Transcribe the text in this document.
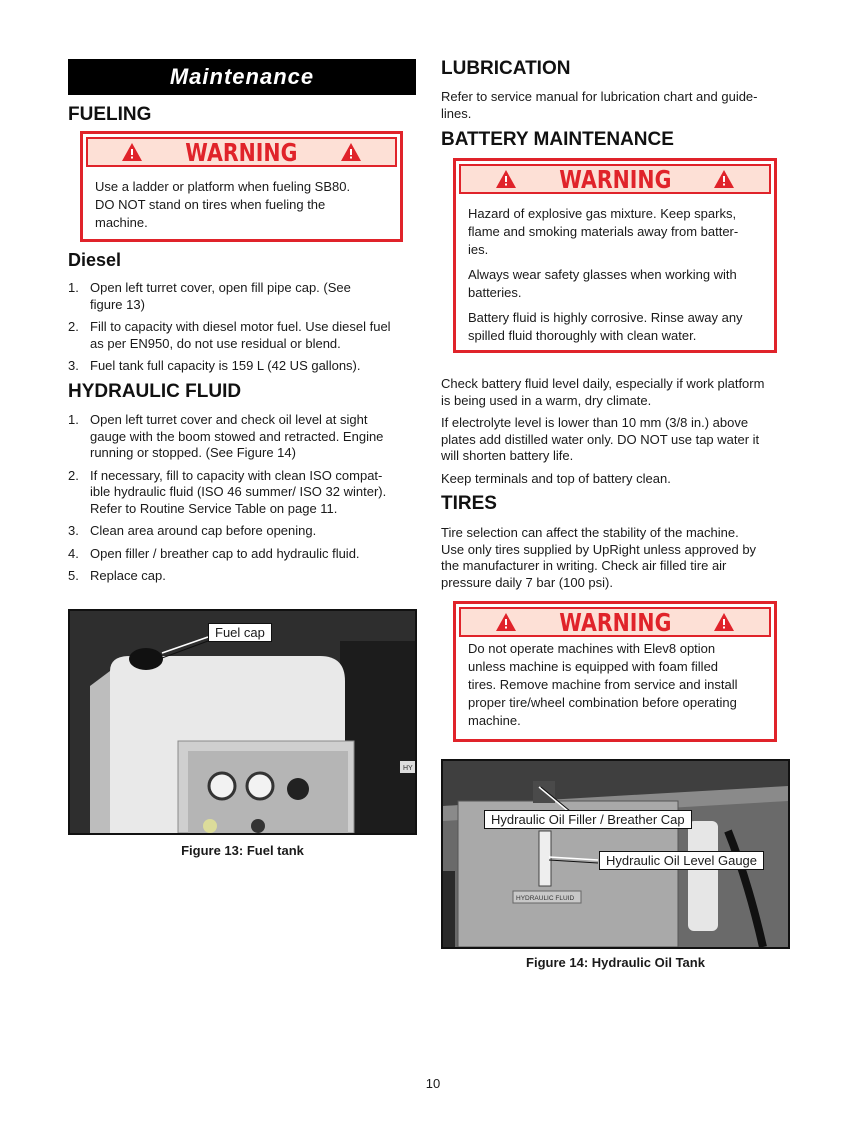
Maintenance
FUELING
WARNING

Use a ladder or platform when fueling SB80.
DO NOT stand on tires when fueling the
machine.

Diesel
1. Open left turret cover, open fill pipe cap. (See
figure 13)
2. Fill to capacity with diesel motor fuel. Use diesel fuel
as per EN950, do not use residual or blend.
3. Fuel tank full capacity is 159 L (42 US gallons).
HYDRAULIC FLUID
1. Open left turret cover and check oil level at sight
gauge with the boom stowed and retracted. Engine
running or stopped. (See Figure 14)
2. If necessary, fill to capacity with clean ISO compat-
ible hydraulic fluid (ISO 46 summer/ ISO 32 winter).
Refer to Routine Service Table on page 11.
3. Clean area around cap before opening.
4. Open filler / breather cap to add hydraulic fluid.
5. Replace cap.
HY
Fuel cap
Figure 13: Fuel tank
LUBRICATION

Refer to service manual for lubrication chart and guide-
lines.

BATTERY MAINTENANCE
WARNING

Hazard of explosive gas mixture. Keep sparks,
flame and smoking materials away from batter-
ies.

Always wear safety glasses when working with
batteries.

Battery fluid is highly corrosive. Rinse away any
spilled fluid thoroughly with clean water.

Check battery fluid level daily, especially if work platform
is being used in a warm, dry climate.

If electrolyte level is lower than 10 mm (3/8 in.) above
plates add distilled water only. DO NOT use tap water it
will shorten battery life.

Keep terminals and top of battery clean.

TIRES

Tire selection can affect the stability of the machine.
Use only tires supplied by UpRight unless approved by
the manufacturer in writing. Check air filled tire air
pressure daily 7 bar (100 psi).

WARNING

Do not operate machines with Elev8 option
unless machine is equipped with foam filled
tires. Remove machine from service and install
proper tire/wheel combination before operating
machine.

HYDRAULIC FLUID
Hydraulic Oil Filler / Breather Cap
Hydraulic Oil Level Gauge
Figure 14: Hydraulic Oil Tank
10
